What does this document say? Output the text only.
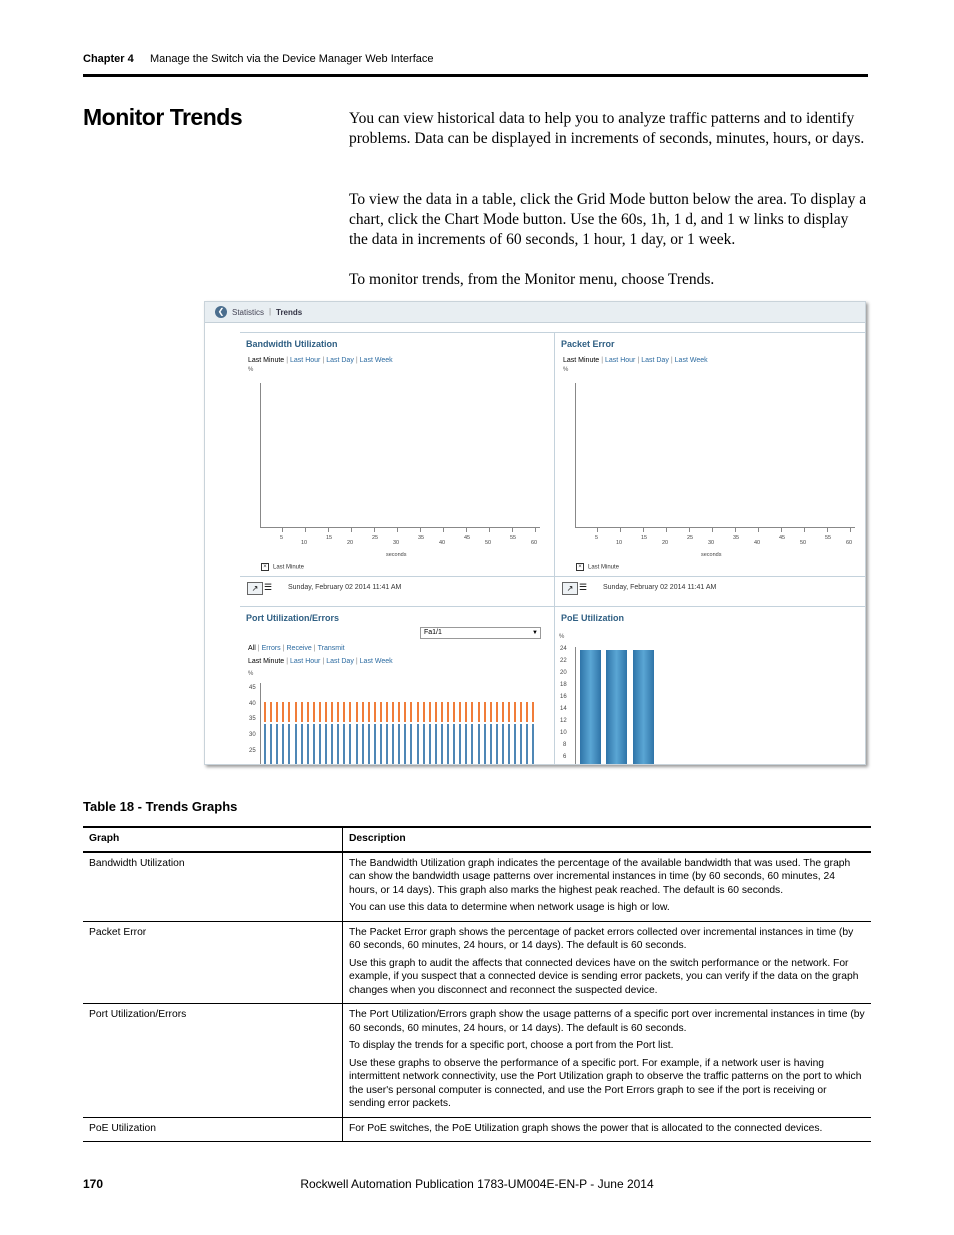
Chapter 4 Manage the Switch via the Device Manager Web Interface
Monitor Trends	You can view historical data to help you to analyze traffic patterns and to identify problems. Data can be displayed in increments of seconds, minutes, hours, or days.
To view the data in a table, click the Grid Mode button below the area. To display a chart, click the Chart Mode button. Use the 60s, 1h, 1 d, and 1 w links to display the data in increments of 60 seconds, 1 hour, 1 day, or 1 week.
To monitor trends, from the Monitor menu, choose Trends.
❮ Statistics | Trends
Bandwidth Utilization
Last Minute | Last Hour | Last Day | Last Week
%
5	15	25	35	45	55
10	20	30	40	50	60
seconds
× Last Minute
↗ ☰ Sunday, February 02 2014 11:41 AM
Packet Error
Last Minute | Last Hour | Last Day | Last Week
%
5	15	25	35	45	55
10	20	30	40	50	60
seconds
× Last Minute
↗ ☰ Sunday, February 02 2014 11:41 AM
Port Utilization/Errors
Fa1/1	▼
All | Errors | Receive | Transmit
Last Minute | Last Hour | Last Day | Last Week
%
45
40
35
30
25
PoE Utilization
%
24
22
20
18
16
14
12
10
8
6
Table 18 - Trends Graphs
Graph	Description
Bandwidth Utilization	The Bandwidth Utilization graph indicates the percentage of the available bandwidth that was used. The graph can show the bandwidth usage patterns over incremental instances in time (by 60 seconds, 60 minutes, 24 hours, or 14 days). This graph also marks the highest peak reached. The default is 60 seconds.

You can use this data to determine when network usage is high or low.

Packet Error	The Packet Error graph shows the percentage of packet errors collected over incremental instances in time (by 60 seconds, 60 minutes, 24 hours, or 14 days). The default is 60 seconds.

Use this graph to audit the affects that connected devices have on the switch performance or the network. For example, if you suspect that a connected device is sending error packets, you can verify if the data on the graph changes when you disconnect and reconnect the suspected device.

Port Utilization/Errors	The Port Utilization/Errors graph show the usage patterns of a specific port over incremental instances in time (by 60 seconds, 60 minutes, 24 hours, or 14 days). The default is 60 seconds.

To display the trends for a specific port, choose a port from the Port list.

Use these graphs to observe the performance of a specific port. For example, if a network user is having intermittent network connectivity, use the Port Utilization graph to observe the traffic patterns on the port to which the user's personal computer is connected, and use the Port Errors graph to see if the port is receiving or sending error packets.

PoE Utilization	For PoE switches, the PoE Utilization graph shows the power that is allocated to the connected devices.

170	Rockwell Automation Publication 1783-UM004E-EN-P - June 2014
